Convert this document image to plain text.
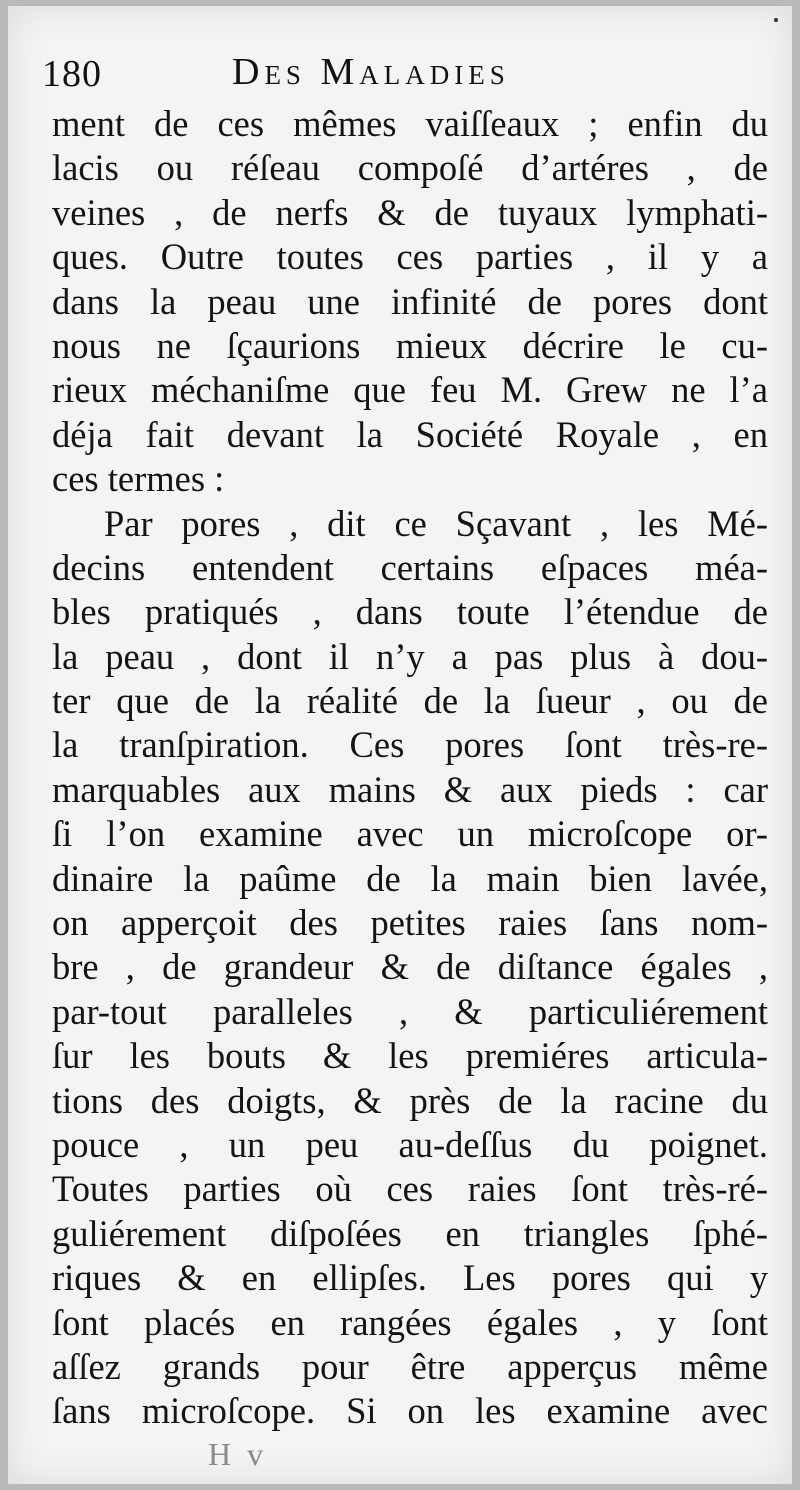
180	Des Maladies
ment de ces mêmes vaiſſeaux ; enfin du
lacis ou réſeau compoſé d’artéres , de
veines , de nerfs & de tuyaux lymphati-
ques. Outre toutes ces parties , il y a
dans la peau une infinité de pores dont
nous ne ſçaurions mieux décrire le cu-
rieux méchaniſme que feu M. Grew ne l’a
déja fait devant la Société Royale , en
ces termes :
Par pores , dit ce Sçavant , les Mé-
decins entendent certains eſpaces méa-
bles pratiqués , dans toute l’étendue de
la peau , dont il n’y a pas plus à dou-
ter que de la réalité de la ſueur , ou de
la tranſpiration. Ces pores ſont très-re-
marquables aux mains & aux pieds : car
ſi l’on examine avec un microſcope or-
dinaire la paûme de la main bien lavée,
on apperçoit des petites raies ſans nom-
bre , de grandeur & de diſtance égales ,
par-tout paralleles , & particuliérement
ſur les bouts & les premiéres articula-
tions des doigts, & près de la racine du
pouce , un peu au-deſſus du poignet.
Toutes parties où ces raies ſont très-ré-
guliérement diſpoſées en triangles ſphé-
riques & en ellipſes. Les pores qui y
ſont placés en rangées égales , y ſont
aſſez grands pour être apperçus même
ſans microſcope. Si on les examine avec
H v
